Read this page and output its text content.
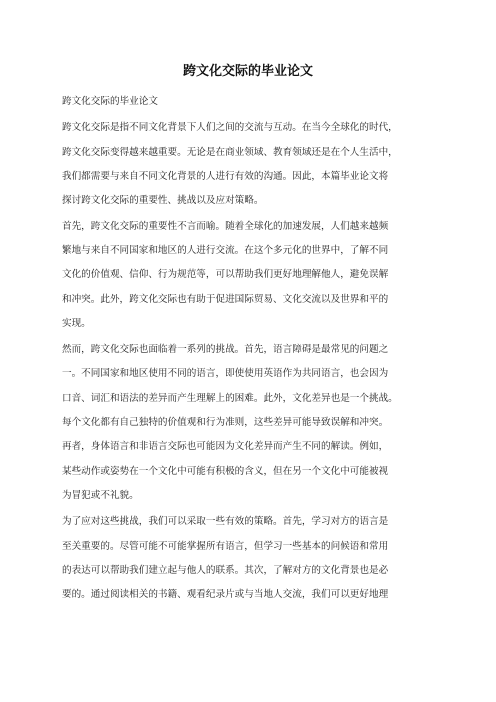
跨文化交际的毕业论文
跨文化交际的毕业论文
跨文化交际是指不同文化背景下人们之间的交流与互动。在当今全球化的时代，
跨文化交际变得越来越重要。无论是在商业领域、教育领域还是在个人生活中，
我们都需要与来自不同文化背景的人进行有效的沟通。因此，本篇毕业论文将
探讨跨文化交际的重要性、挑战以及应对策略。
首先，跨文化交际的重要性不言而喻。随着全球化的加速发展，人们越来越频
繁地与来自不同国家和地区的人进行交流。在这个多元化的世界中，了解不同
文化的价值观、信仰、行为规范等，可以帮助我们更好地理解他人，避免误解
和冲突。此外，跨文化交际也有助于促进国际贸易、文化交流以及世界和平的
实现。
然而，跨文化交际也面临着一系列的挑战。首先，语言障碍是最常见的问题之
一。不同国家和地区使用不同的语言，即使使用英语作为共同语言，也会因为
口音、词汇和语法的差异而产生理解上的困难。此外，文化差异也是一个挑战。
每个文化都有自己独特的价值观和行为准则，这些差异可能导致误解和冲突。
再者，身体语言和非语言交际也可能因为文化差异而产生不同的解读。例如，
某些动作或姿势在一个文化中可能有积极的含义，但在另一个文化中可能被视
为冒犯或不礼貌。
为了应对这些挑战，我们可以采取一些有效的策略。首先，学习对方的语言是
至关重要的。尽管可能不可能掌握所有语言，但学习一些基本的问候语和常用
的表达可以帮助我们建立起与他人的联系。其次，了解对方的文化背景也是必
要的。通过阅读相关的书籍、观看纪录片或与当地人交流，我们可以更好地理
